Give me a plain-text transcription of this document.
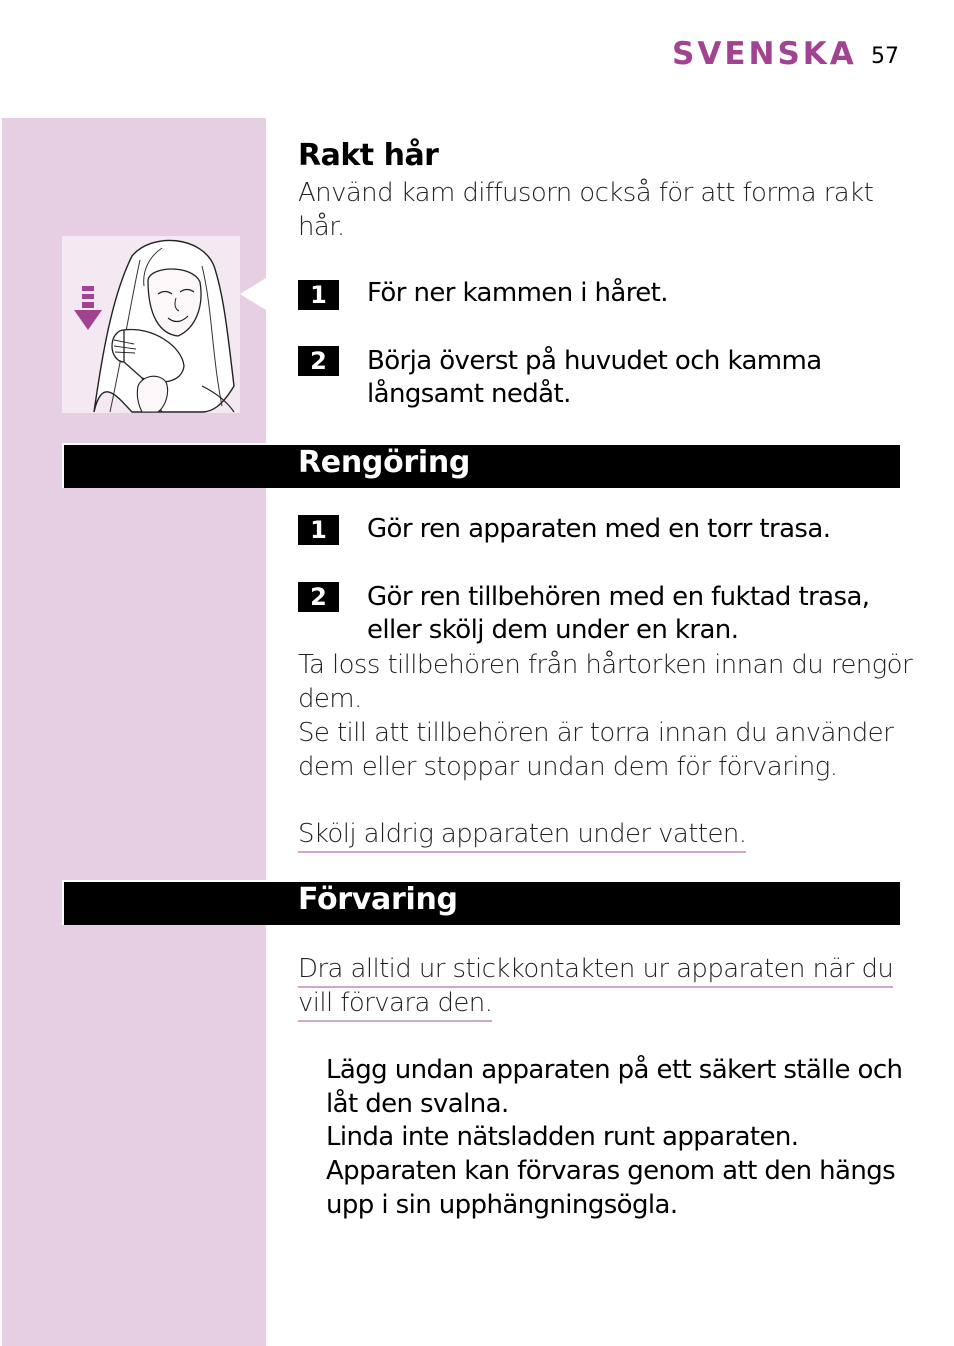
SVENSKA 57
Rakt hår
Använd kam diffusorn också för att forma rakt
hår.
1	För ner kammen i håret.
2	Börja överst på huvudet och kamma
långsamt nedåt.
Rengöring
1	Gör ren apparaten med en torr trasa.
2	Gör ren tillbehören med en fuktad trasa,
eller skölj dem under en kran.
Ta loss tillbehören från hårtorken innan du rengör
dem.
Se till att tillbehören är torra innan du använder
dem eller stoppar undan dem för förvaring.
Skölj aldrig apparaten under vatten.
Förvaring
Dra alltid ur stickkontakten ur apparaten när du
vill förvara den.
Lägg undan apparaten på ett säkert ställe och
låt den svalna.
Linda inte nätsladden runt apparaten.
Apparaten kan förvaras genom att den hängs
upp i sin upphängningsögla.
